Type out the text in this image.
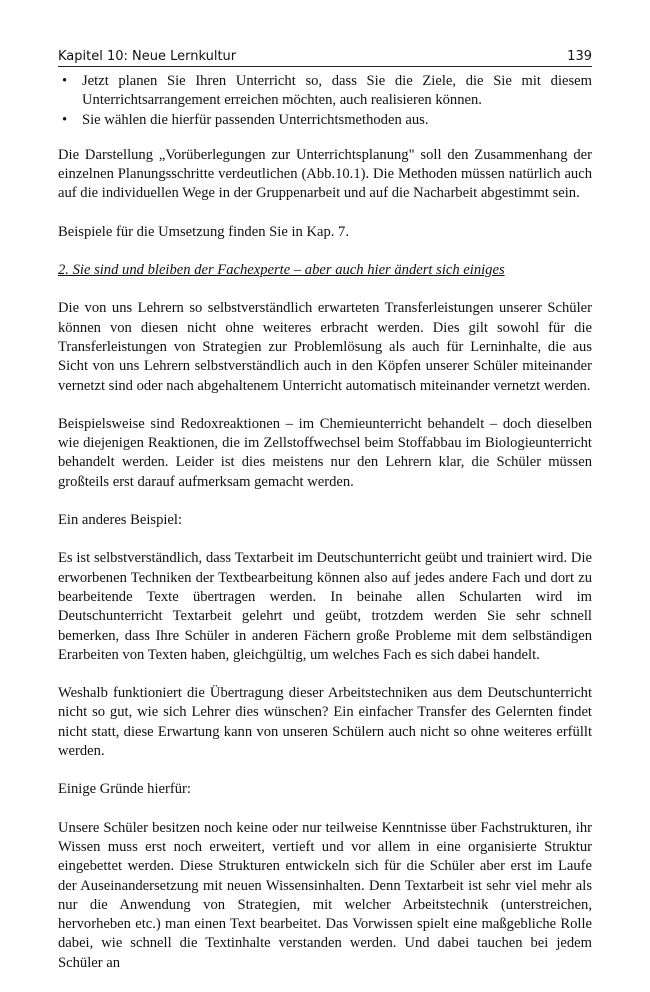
Kapitel 10: Neue Lernkultur	139
• Jetzt planen Sie Ihren Unterricht so, dass Sie die Ziele, die Sie mit diesem Unterrichtsarrangement erreichen möchten, auch realisieren können.
• Sie wählen die hierfür passenden Unterrichtsmethoden aus.

Die Darstellung „Vorüberlegungen zur Unterrichtsplanung" soll den Zusammenhang der einzelnen Planungsschritte verdeutlichen (Abb.10.1). Die Methoden müssen natürlich auch auf die individuellen Wege in der Gruppenarbeit und auf die Nacharbeit abgestimmt sein.

Beispiele für die Umsetzung finden Sie in Kap. 7.

2. Sie sind und bleiben der Fachexperte – aber auch hier ändert sich einiges

Die von uns Lehrern so selbstverständlich erwarteten Transferleistungen unserer Schüler können von diesen nicht ohne weiteres erbracht werden. Dies gilt sowohl für die Transferleistungen von Strategien zur Problemlösung als auch für Lerninhalte, die aus Sicht von uns Lehrern selbstverständlich auch in den Köpfen unserer Schüler miteinander vernetzt sind oder nach abgehaltenem Unterricht automatisch miteinander vernetzt werden.

Beispielsweise sind Redoxreaktionen – im Chemieunterricht behandelt – doch dieselben wie diejenigen Reaktionen, die im Zellstoffwechsel beim Stoffabbau im Biologieunterricht behandelt werden. Leider ist dies meistens nur den Lehrern klar, die Schüler müssen großteils erst darauf aufmerksam gemacht werden.

Ein anderes Beispiel:

Es ist selbstverständlich, dass Textarbeit im Deutschunterricht geübt und trainiert wird. Die erworbenen Techniken der Textbearbeitung können also auf jedes andere Fach und dort zu bearbeitende Texte übertragen werden. In beinahe allen Schularten wird im Deutschunterricht Textarbeit gelehrt und geübt, trotzdem werden Sie sehr schnell bemerken, dass Ihre Schüler in anderen Fächern große Probleme mit dem selbständigen Erarbeiten von Texten haben, gleichgültig, um welches Fach es sich dabei handelt.

Weshalb funktioniert die Übertragung dieser Arbeitstechniken aus dem Deutschunterricht nicht so gut, wie sich Lehrer dies wünschen? Ein einfacher Transfer des Gelernten findet nicht statt, diese Erwartung kann von unseren Schülern auch nicht so ohne weiteres erfüllt werden.

Einige Gründe hierfür:

Unsere Schüler besitzen noch keine oder nur teilweise Kenntnisse über Fachstrukturen, ihr Wissen muss erst noch erweitert, vertieft und vor allem in eine organisierte Struktur eingebettet werden. Diese Strukturen entwickeln sich für die Schüler aber erst im Laufe der Auseinandersetzung mit neuen Wissensinhalten. Denn Textarbeit ist sehr viel mehr als nur die Anwendung von Strategien, mit welcher Arbeitstechnik (unterstreichen, hervorheben etc.) man einen Text bearbeitet. Das Vorwissen spielt eine maßgebliche Rolle dabei, wie schnell die Textinhalte verstanden werden. Und dabei tauchen bei jedem Schüler an
